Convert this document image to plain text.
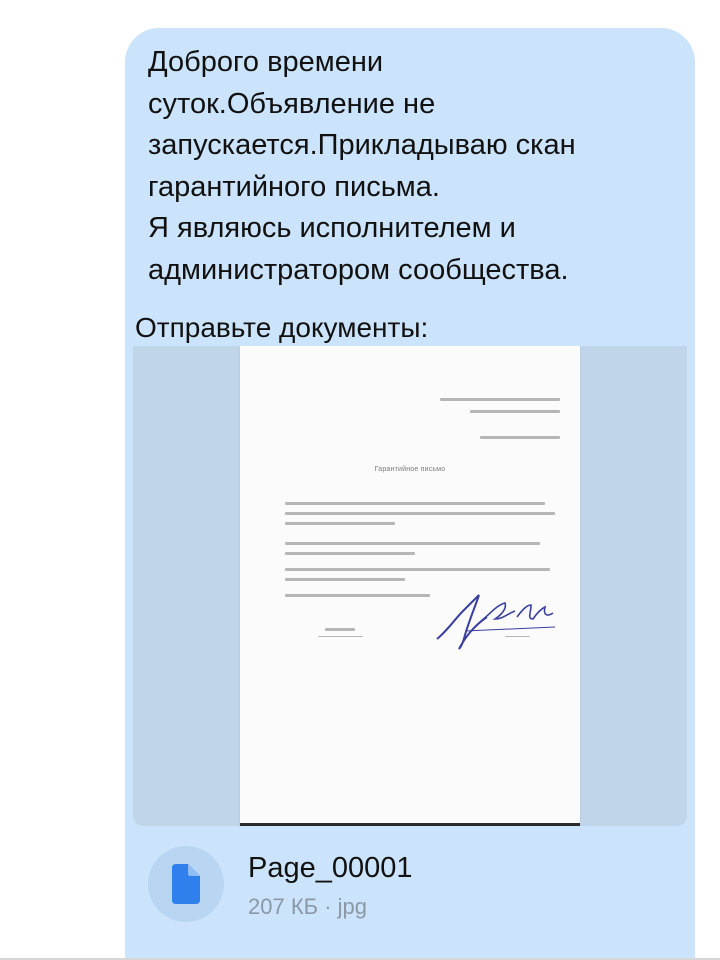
Доброго времени
суток.Объявление не
запускается.Прикладываю скан
гарантийного письма.
Я являюсь исполнителем и
администратором сообщества.
Отправьте документы:
Гарантийное письмо
Page_00001
207 КБ · jpg
